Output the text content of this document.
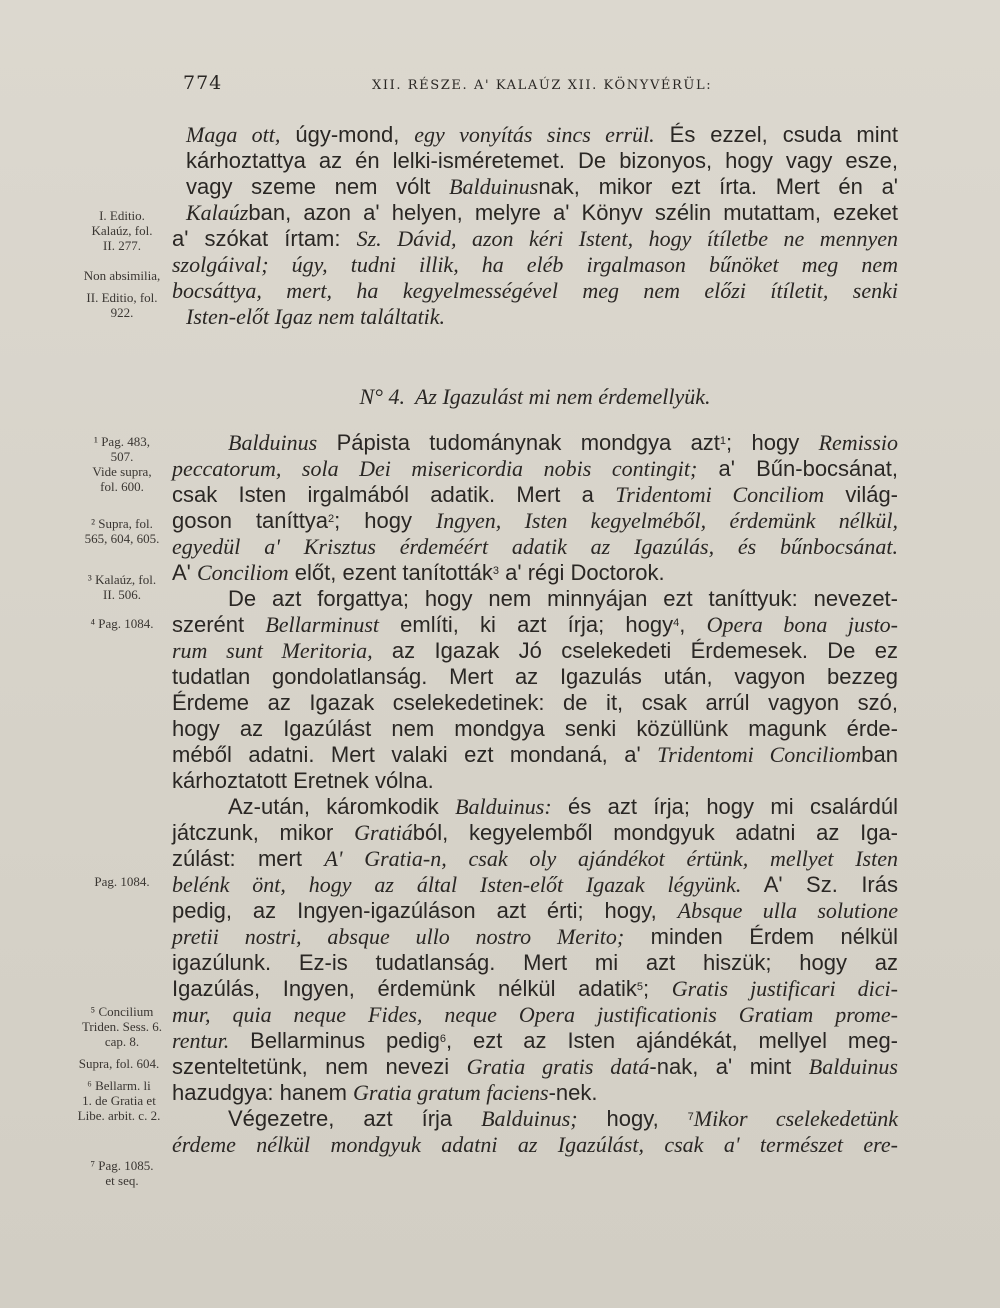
774	XII. RÉSZE. A' KALAÚZ XII. KÖNYVÉRÜL:
I. Editio.
Kalaúz, fol.
II. 277.
Non absimilia,
II. Editio, fol.
922.
¹ Pag. 483,
507.
Vide supra,
fol. 600.
² Supra, fol.
565, 604, 605.
³ Kalaúz, fol.
II. 506.
⁴ Pag. 1084.
Pag. 1084.
⁵ Concilium
Triden. Sess. 6.
cap. 8.
Supra, fol. 604.
⁶ Bellarm. li
1. de Gratia et
Libe. arbit. c. 2.
⁷ Pag. 1085.
et seq.
Maga ott, úgy-mond, egy vonyítás sincs errül. És ezzel, csuda mint
kárhoztattya az én lelki-isméretemet. De bizonyos, hogy vagy esze,
vagy szeme nem vólt Balduinusnak, mikor ezt írta. Mert én a'
Kalaúzban, azon a' helyen, melyre a' Könyv szélin mutattam, ezeket
a' szókat írtam: Sz. Dávid, azon kéri Istent, hogy ítíletbe ne mennyen
szolgáival; úgy, tudni illik, ha eléb irgalmason bűnöket meg nem
bocsáttya, mert, ha kegyelmességével meg nem előzi ítíletit, senki
Isten-előt Igaz nem találtatik.
N° 4. Az Igazulást mi nem érdemellyük.
Balduinus Pápista tudománynak mondgya azt$^1$; hogy Remissio
peccatorum, sola Dei misericordia nobis contingit; a' Bűn-bocsánat,
csak Isten irgalmából adatik. Mert a Tridentomi Conciliom világ-
goson taníttya$^2$; hogy Ingyen, Isten kegyelméből, érdemünk nélkül,
egyedül a' Krisztus érdeméért adatik az Igazúlás, és bűnbocsánat.
A' Conciliom előt, ezent tanították$^3$ a' régi Doctorok.
De azt forgattya; hogy nem minnyájan ezt taníttyuk: nevezet-
szerént Bellarminust említi, ki azt írja; hogy$^4$, Opera bona justo-
rum sunt Meritoria, az Igazak Jó cselekedeti Érdemesek. De ez
tudatlan gondolatlanság. Mert az Igazulás után, vagyon bezzeg
Érdeme az Igazak cselekedetinek: de it, csak arrúl vagyon szó,
hogy az Igazúlást nem mondgya senki közüllünk magunk érde-
méből adatni. Mert valaki ezt mondaná, a' Tridentomi Conciliomban
kárhoztatott Eretnek vólna.
Az-után, káromkodik Balduinus: és azt írja; hogy mi csalárdúl
játczunk, mikor Gratiából, kegyelemből mondgyuk adatni az Iga-
zúlást: mert A' Gratia-n, csak oly ajándékot értünk, mellyet Isten
belénk önt, hogy az által Isten-előt Igazak légyünk. A' Sz. Irás
pedig, az Ingyen-igazúláson azt érti; hogy, Absque ulla solutione
pretii nostri, absque ullo nostro Merito; minden Érdem nélkül
igazúlunk. Ez-is tudatlanság. Mert mi azt hiszük; hogy az
Igazúlás, Ingyen, érdemünk nélkül adatik$^5$; Gratis justificari dici-
mur, quia neque Fides, neque Opera justificationis Gratiam prome-
rentur. Bellarminus pedig$^6$, ezt az Isten ajándékát, mellyel meg-
szenteltetünk, nem nevezi Gratia gratis datá-nak, a' mint Balduinus
hazudgya: hanem Gratia gratum faciens-nek.
Végezetre, azt írja Balduinus; hogy, $^7$Mikor cselekedetünk
érdeme nélkül mondgyuk adatni az Igazúlást, csak a' természet ere-
